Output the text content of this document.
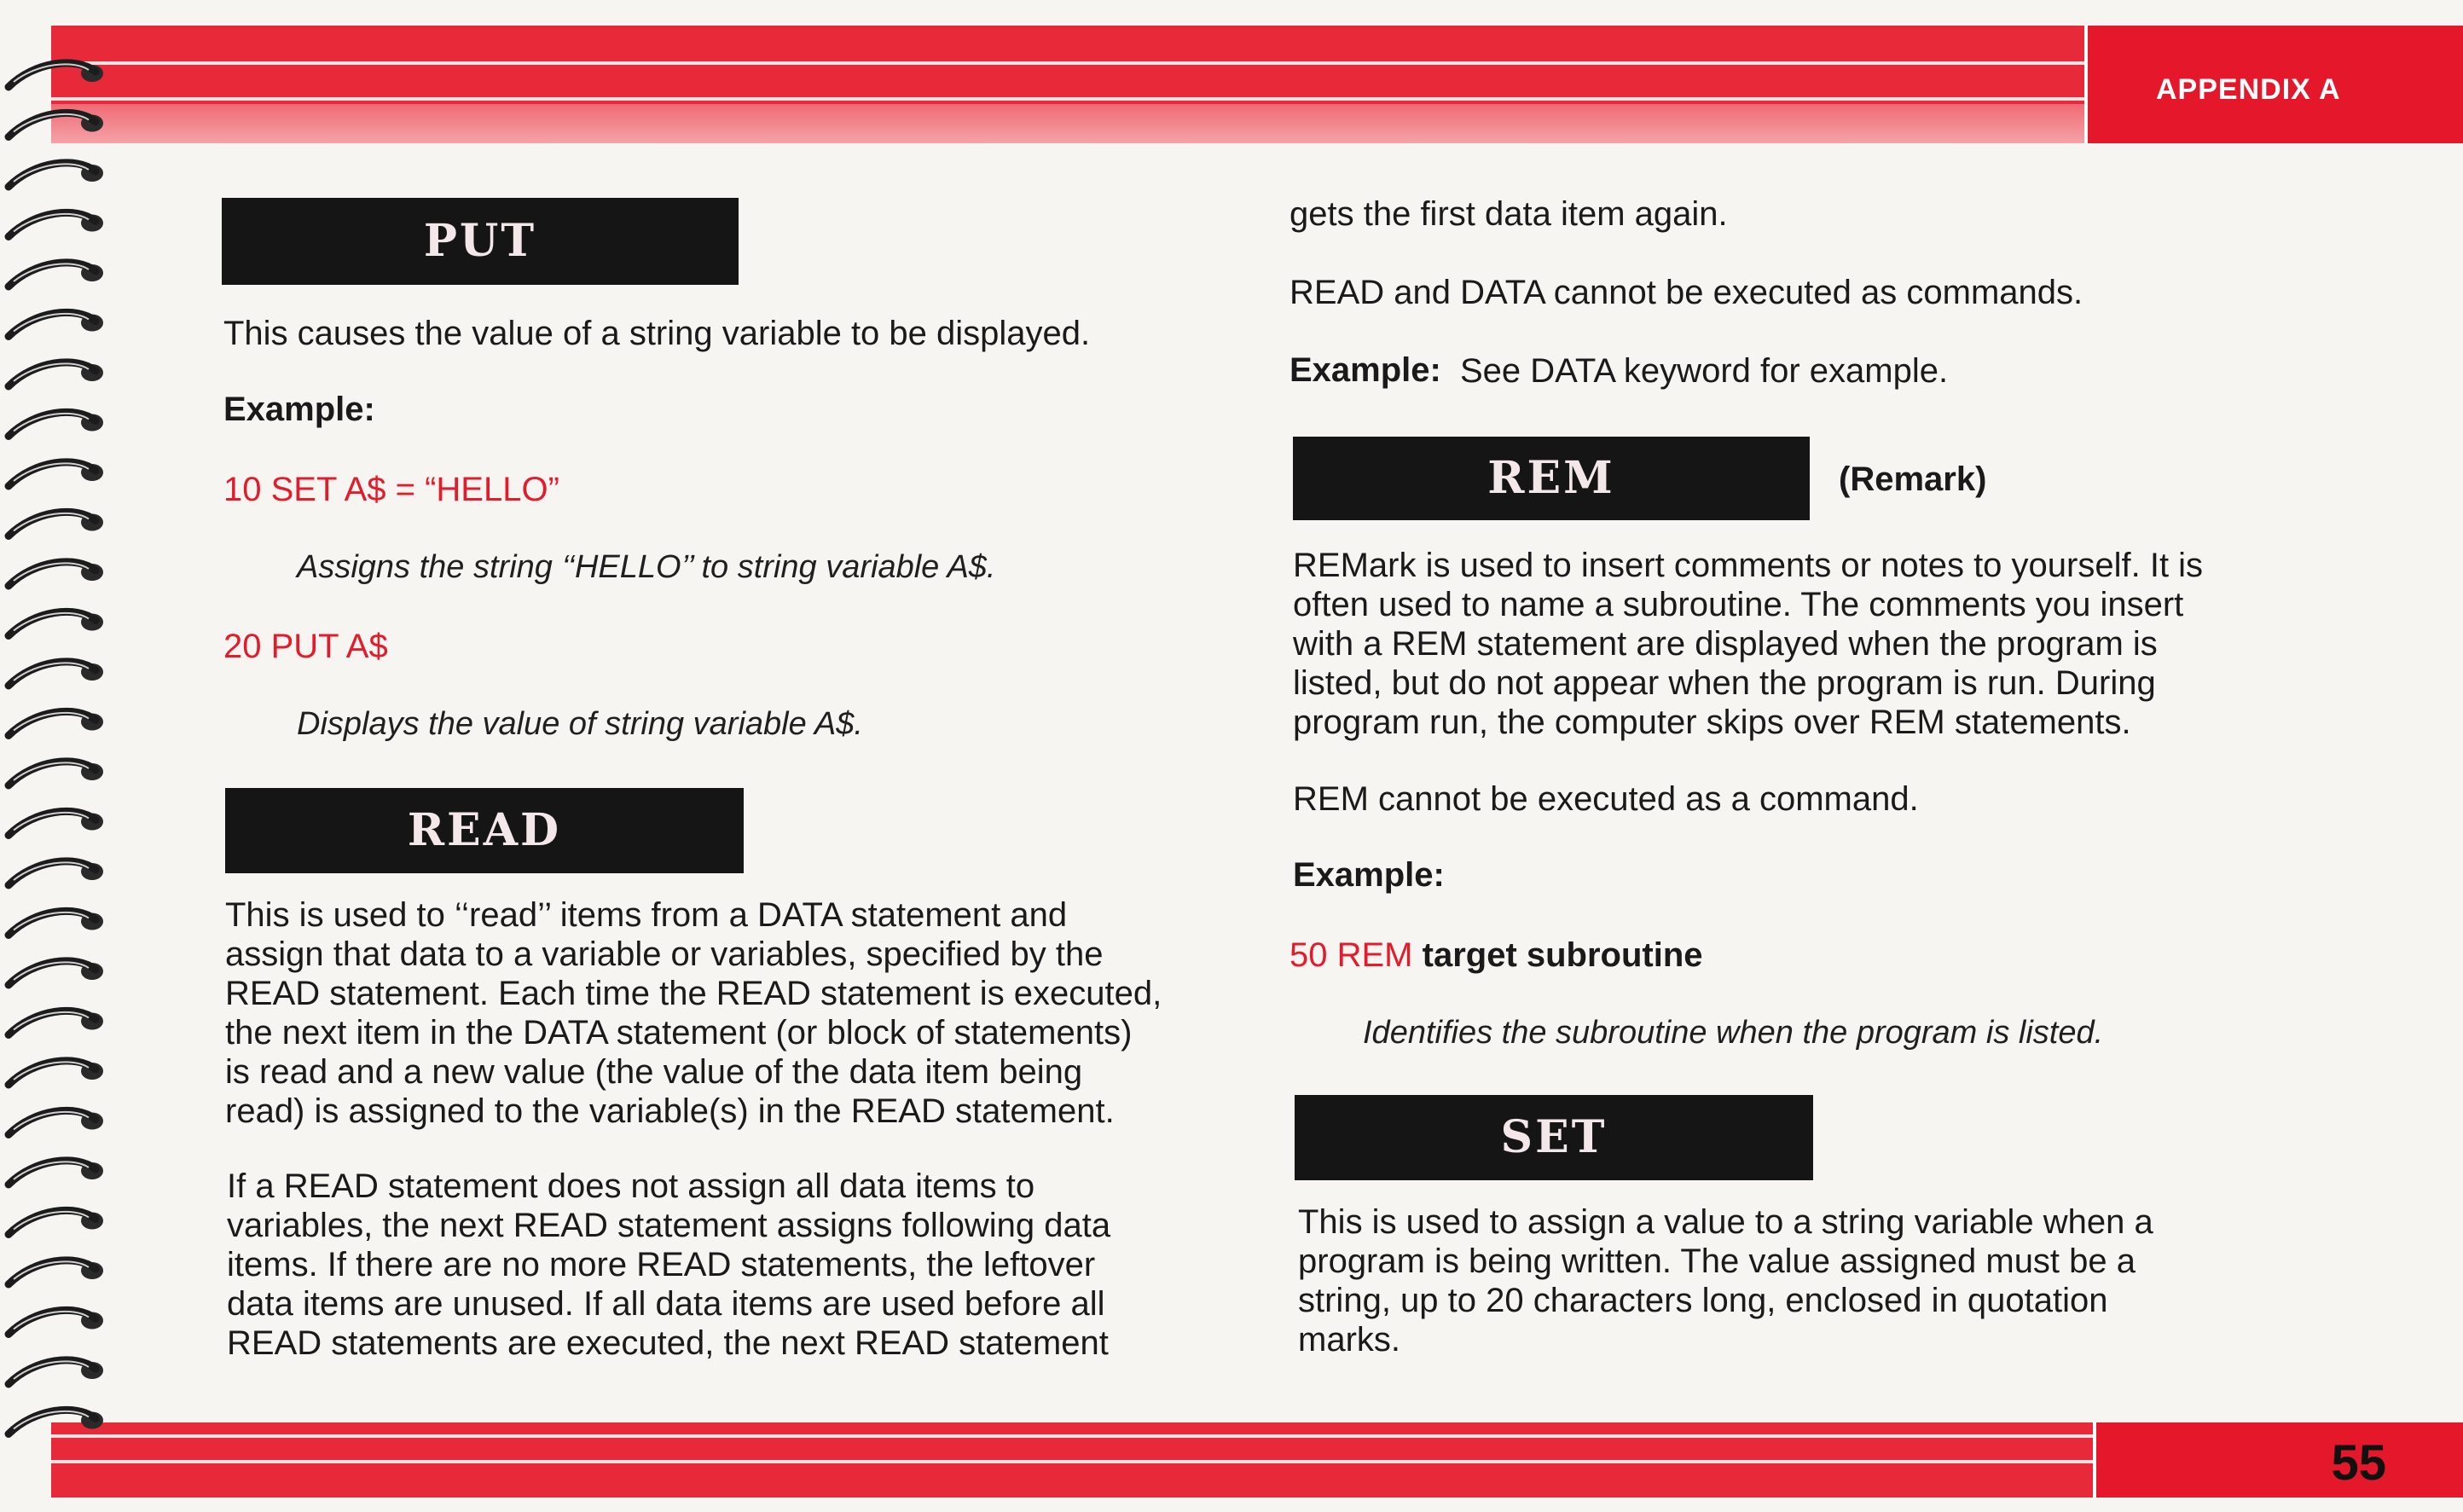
APPENDIX A
55
PUT
This causes the value of a string variable to be displayed.
Example:
10 SET A$ = “HELLO”
Assigns the string ‘‘HELLO’’ to string variable A$.
20 PUT A$
Displays the value of string variable A$.
READ
This is used to ‘‘read’’ items from a DATA statement and
assign that data to a variable or variables, specified by the
READ statement. Each time the READ statement is executed,
the next item in the DATA statement (or block of statements)
is read and a new value (the value of the data item being
read) is assigned to the variable(s) in the READ statement.
If a READ statement does not assign all data items to
variables, the next READ statement assigns following data
items. If there are no more READ statements, the leftover
data items are unused. If all data items are used before all
READ statements are executed, the next READ statement
gets the first data item again.
READ and DATA cannot be executed as commands.
Example: See DATA keyword for example.
REM	(Remark)
REMark is used to insert comments or notes to yourself. It is
often used to name a subroutine. The comments you insert
with a REM statement are displayed when the program is
listed, but do not appear when the program is run. During
program run, the computer skips over REM statements.
REM cannot be executed as a command.
Example:
50 REM target subroutine
Identifies the subroutine when the program is listed.
SET
This is used to assign a value to a string variable when a
program is being written. The value assigned must be a
string, up to 20 characters long, enclosed in quotation
marks.
